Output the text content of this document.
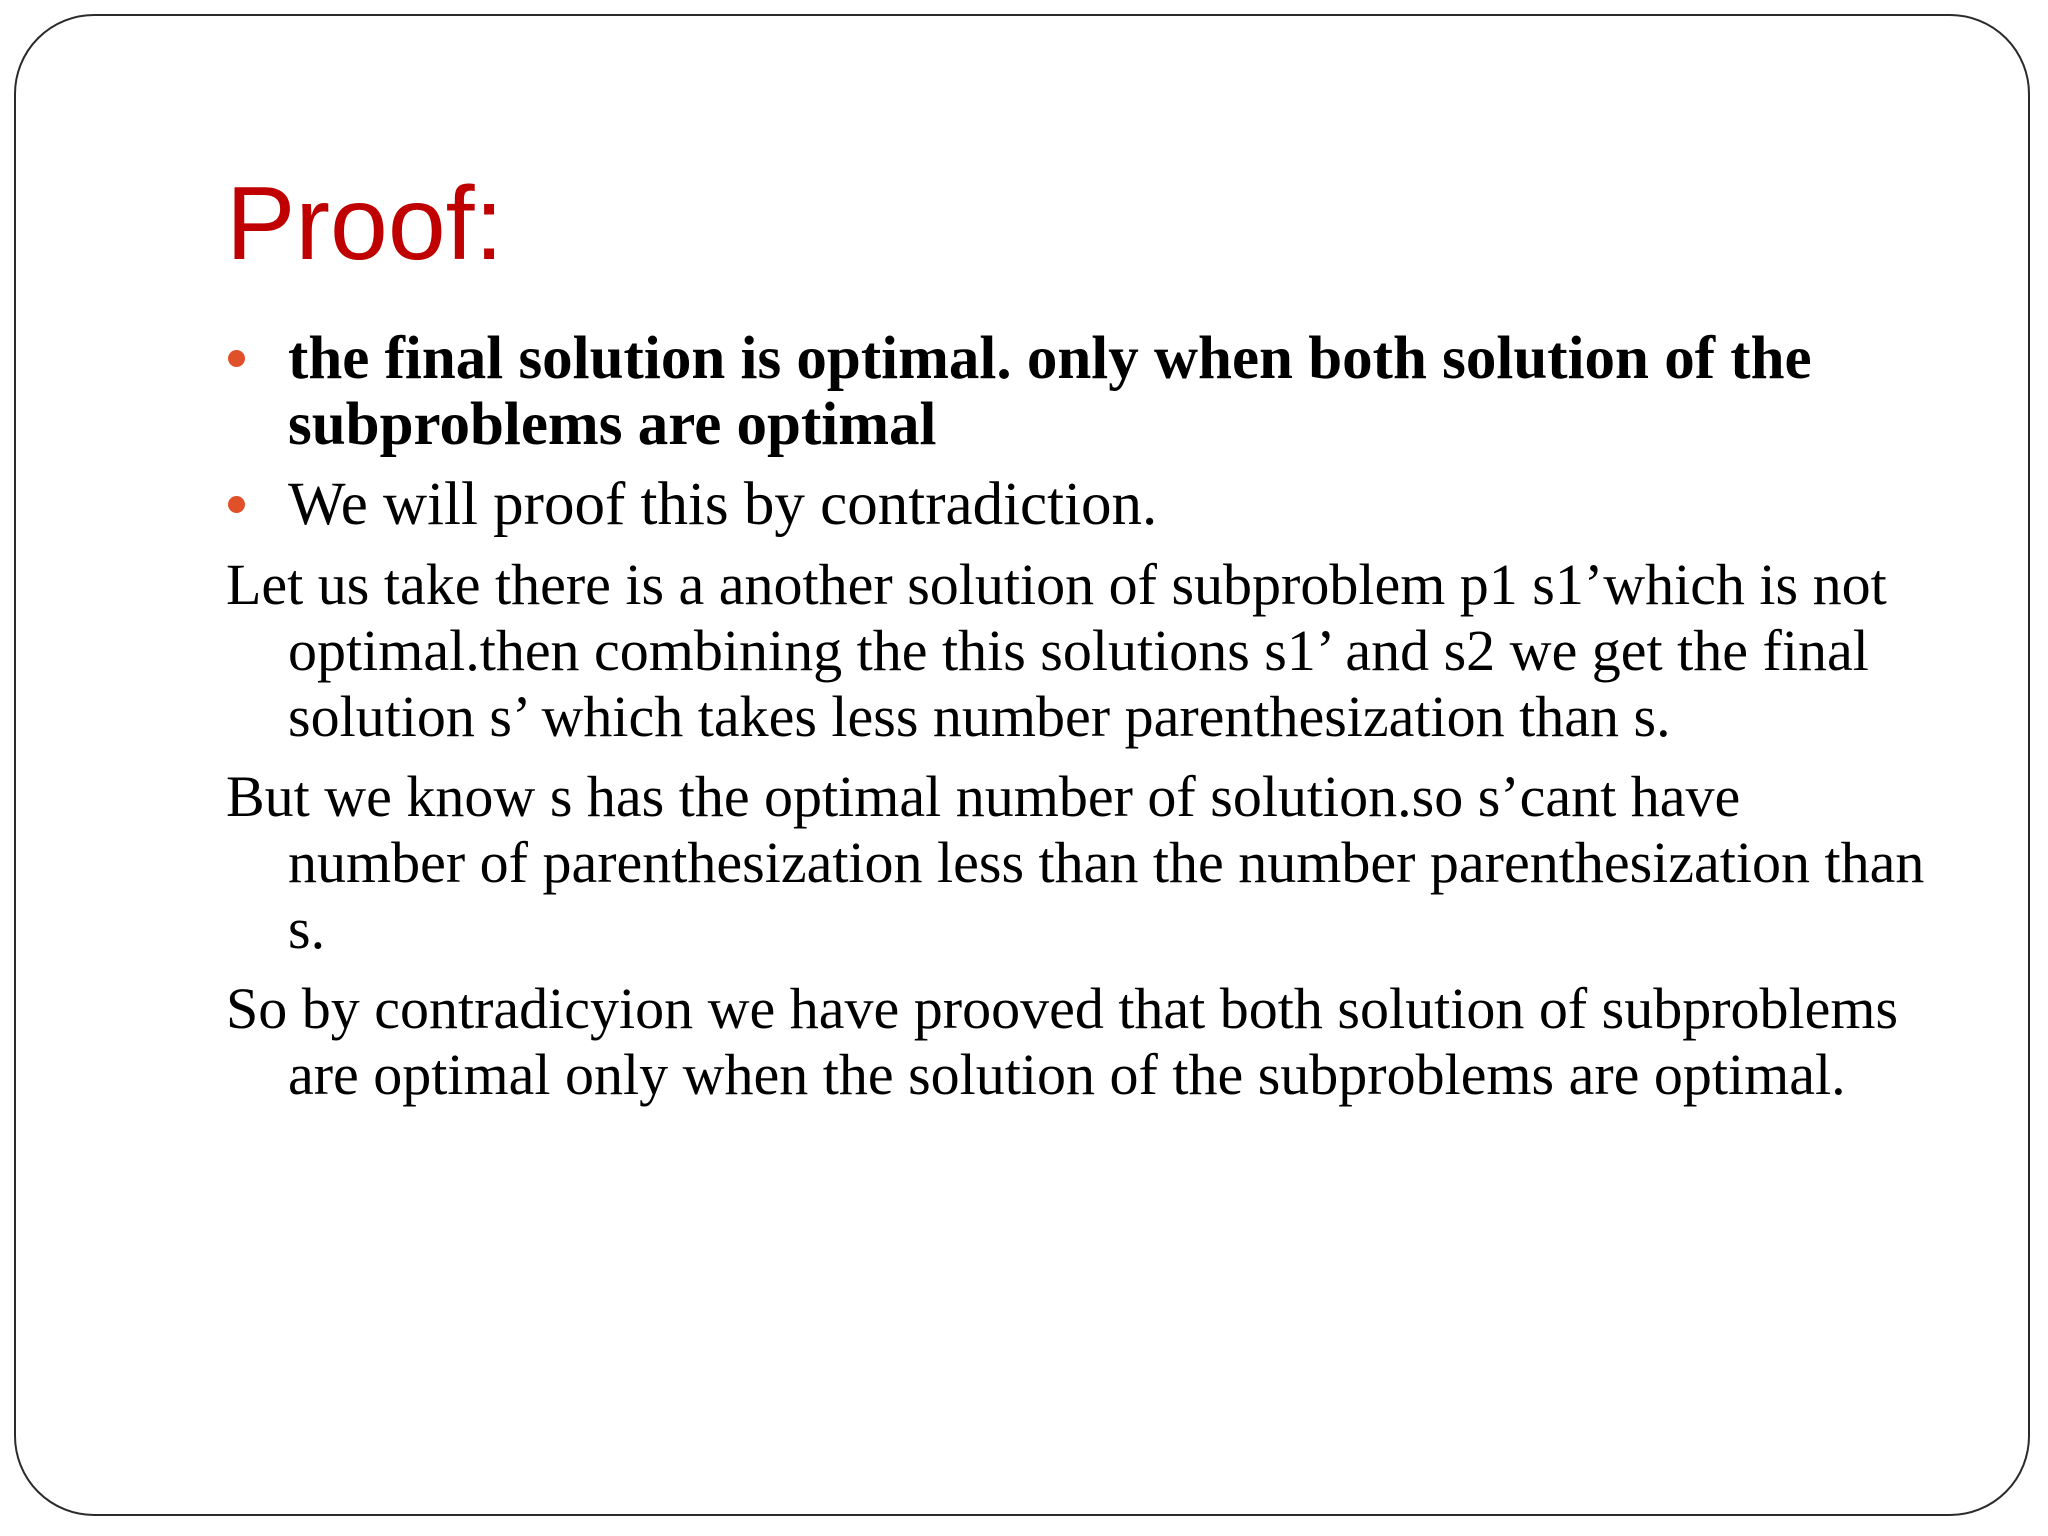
Proof:
the final solution is optimal. only when both solution of the subproblems are optimal
We will proof this by contradiction.
Let us take there is a another solution of subproblem p1 s1’which is not optimal.then combining the this solutions s1’ and s2 we get the final solution s’ which takes less number parenthesization than s.
But we know s has the optimal number of solution.so s’cant have number of parenthesization less than the number parenthesization than s.
So by contradicyion we have prooved that both solution of subproblems are optimal only when the solution of the subproblems are optimal.
